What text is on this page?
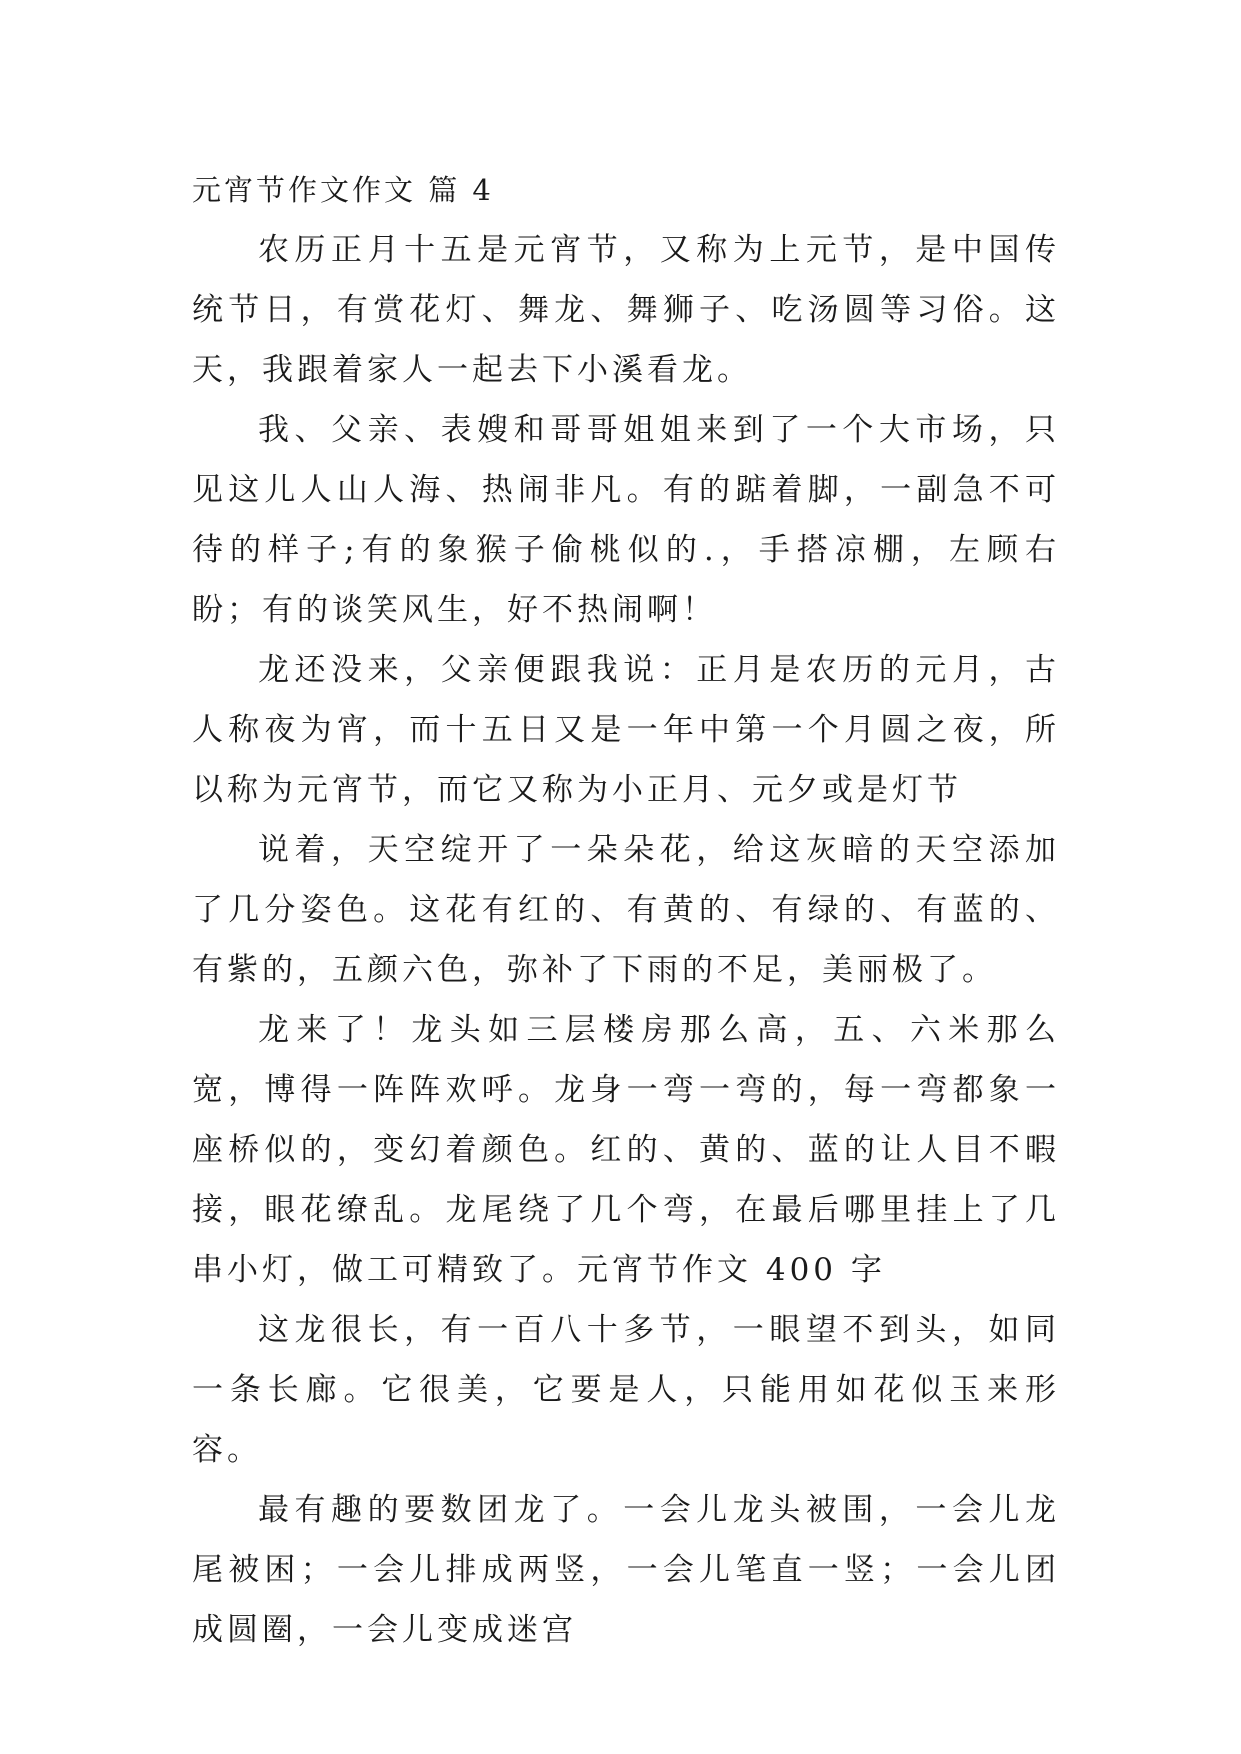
元宵节作文作文 篇 4

农历正月十五是元宵节，又称为上元节，是中国传统节日，有赏花灯、舞龙、舞狮子、吃汤圆等习俗。这天，我跟着家人一起去下小溪看龙。

我、父亲、表嫂和哥哥姐姐来到了一个大市场，只见这儿人山人海、热闹非凡。有的踮着脚，一副急不可待的样子;有的象猴子偷桃似的.，手搭凉棚，左顾右盼；有的谈笑风生，好不热闹啊！

龙还没来，父亲便跟我说：正月是农历的元月，古人称夜为宵，而十五日又是一年中第一个月圆之夜，所以称为元宵节，而它又称为小正月、元夕或是灯节

说着，天空绽开了一朵朵花，给这灰暗的天空添加了几分姿色。这花有红的、有黄的、有绿的、有蓝的、有紫的，五颜六色，弥补了下雨的不足，美丽极了。

龙来了！龙头如三层楼房那么高，五、六米那么宽，博得一阵阵欢呼。龙身一弯一弯的，每一弯都象一座桥似的，变幻着颜色。红的、黄的、蓝的让人目不暇接，眼花缭乱。龙尾绕了几个弯，在最后哪里挂上了几串小灯，做工可精致了。元宵节作文 400 字

这龙很长，有一百八十多节，一眼望不到头，如同一条长廊。它很美，它要是人，只能用如花似玉来形容。

最有趣的要数团龙了。一会儿龙头被围，一会儿龙尾被困；一会儿排成两竖，一会儿笔直一竖；一会儿团成圆圈，一会儿变成迷宫
